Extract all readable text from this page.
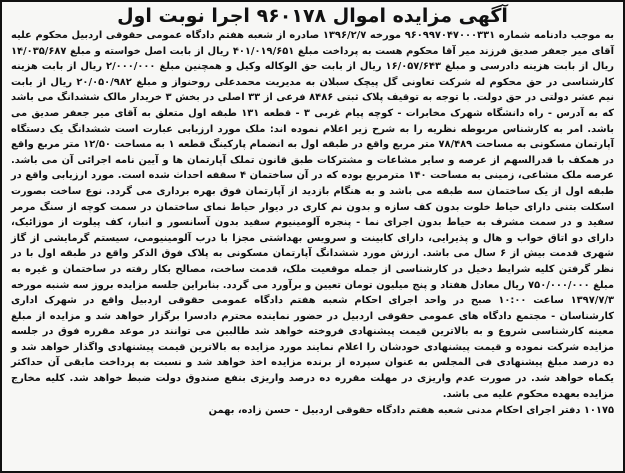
آگهی مزایده اموال ۹۶۰۱۷۸ اجرا نوبت اول

به موجب دادنامه شماره ۹۶۰۹۹۷۰۴۷۰۰۰۳۳۱ مورخه ۱۳۹۶/۲/۷ صادره از شعبه هفتم دادگاه عمومی حقوقی اردبیل محکوم علیه آقای میر جعفر صدیق فرزند میر آقا محکوم هست به پرداخت مبلغ ۴۰۱/۰۱۹/۶۵۱ ریال از بابت اصل خواسته و مبلغ ۱۴/۰۳۵/۶۸۷ ریال از بابت هزینه دادرسی و مبلغ ۱۶/۰۵۷/۶۴۳ ریال از بابت حق الوکاله وکیل و همچنین مبلغ ۲/۰۰۰/۰۰۰ ریال از بابت هزینه کارشناسی در حق محکوم له شرکت تعاونی گل پیچک سبلان به مدیریت محمدعلی روحنواز و مبلغ ۲۰/۰۵۰/۹۸۲ ریال از بابت نیم عشر دولتی در حق دولت. با توجه به توقیف پلاک ثبتی ۸۴۸۶ فرعی از ۳۳ اصلی در بخش ۳ خریدار مالک ششدانگ می باشد که به آدرس - راه دانشگاه شهرک مخابرات - کوچه پیام غربی ۳ - قطعه ۱۳۱ طبقه اول متعلق به آقای میر جعفر صدیق می باشد. امر به کارشناس مربوطه نظریه را به شرح زیر اعلام نموده اند: ملک مورد ارزیابی عبارت است ششدانگ یک دستگاه آپارتمان مسکونی به مساحت ۷۸/۴۸۹ متر مربع واقع در طبقه اول به انضمام پارکینگ قطعه ۱ به مساحت ۱۲/۵۰ متر مربع واقع در همکف با قدرالسهم از عرصه و سایر مشاعات و مشترکات طبق قانون تملک آپارتمان ها و آیین نامه اجرائی آن می باشد. عرصه ملک مشاعی، زمینی به مساحت ۱۴۰ مترمربع بوده که در آن ساختمان ۴ سقفه احداث شده است. مورد ارزیابی واقع در طبقه اول از یک ساختمان سه طبقه می باشد و به هنگام بازدید از آپارتمان فوق بهره برداری می گردد. نوع ساخت بصورت اسکلت بتنی دارای حیاط خلوت بدون کف سازه و بدون نم کاری در دیوار حیاط نمای ساختمان در سمت کوچه از سنگ مرمر سفید و در سمت مشرف به حیاط بدون اجرای نما - پنجره آلومینیوم سفید بدون آسانسور و انبار، کف پیلوت از موزائیک، دارای دو اتاق خواب و هال و پذیرایی، دارای کابینت و سرویس بهداشتی مجزا با درب آلومینیومی، سیستم گرمایشی از گاز شهری قدمت بیش از ۶ سال می باشد. ارزش مورد ششدانگ آپارتمان مسکونی به پلاک فوق الذکر واقع در طبقه اول با در نظر گرفتن کلیه شرایط دخیل در کارشناسی از جمله موقعیت ملک، قدمت ساخت، مصالح بکار رفته در ساختمان و غیره به مبلغ ۷۵۰/۰۰۰/۰۰۰ ریال معادل هفتاد و پنج میلیون تومان تعیین و برآورد می گردد. بنابراین جلسه مزایده بروز سه شنبه مورخه ۱۳۹۷/۷/۳ ساعت ۱۰:۰۰ صبح در واحد اجرای احکام شعبه هفتم دادگاه عمومی حقوقی اردبیل واقع در شهرک اداری کارشناسان - مجتمع دادگاه های عمومی حقوقی اردبیل در حضور نماینده محترم دادسرا برگزار خواهد شد و مزایده از مبلغ معینه کارشناسی شروع و به بالاترین قیمت پیشنهادی فروخته خواهد شد طالبین می توانند در موعد مقرره فوق در جلسه مزایده شرکت نموده و قیمت پیشنهادی خودشان را اعلام نمایند مورد مزایده به بالاترین قیمت پیشنهادی واگذار خواهد شد و ده درصد مبلغ پیشنهادی فی المجلس به عنوان سپرده از برنده مزایده اخذ خواهد شد و نسبت به پرداخت مابقی آن حداکثر یکماه خواهد شد. در صورت عدم واریزی در مهلت مقرره ده درصد واریزی بنفع صندوق دولت ضبط خواهد شد. کلیه مخارج مزایده بعهده محکوم علیه می باشد.

۱۰۱۷۵ دفتر اجرای احکام مدنی شعبه هفتم دادگاه حقوقی اردبیل - حسن زاده، بهمن
